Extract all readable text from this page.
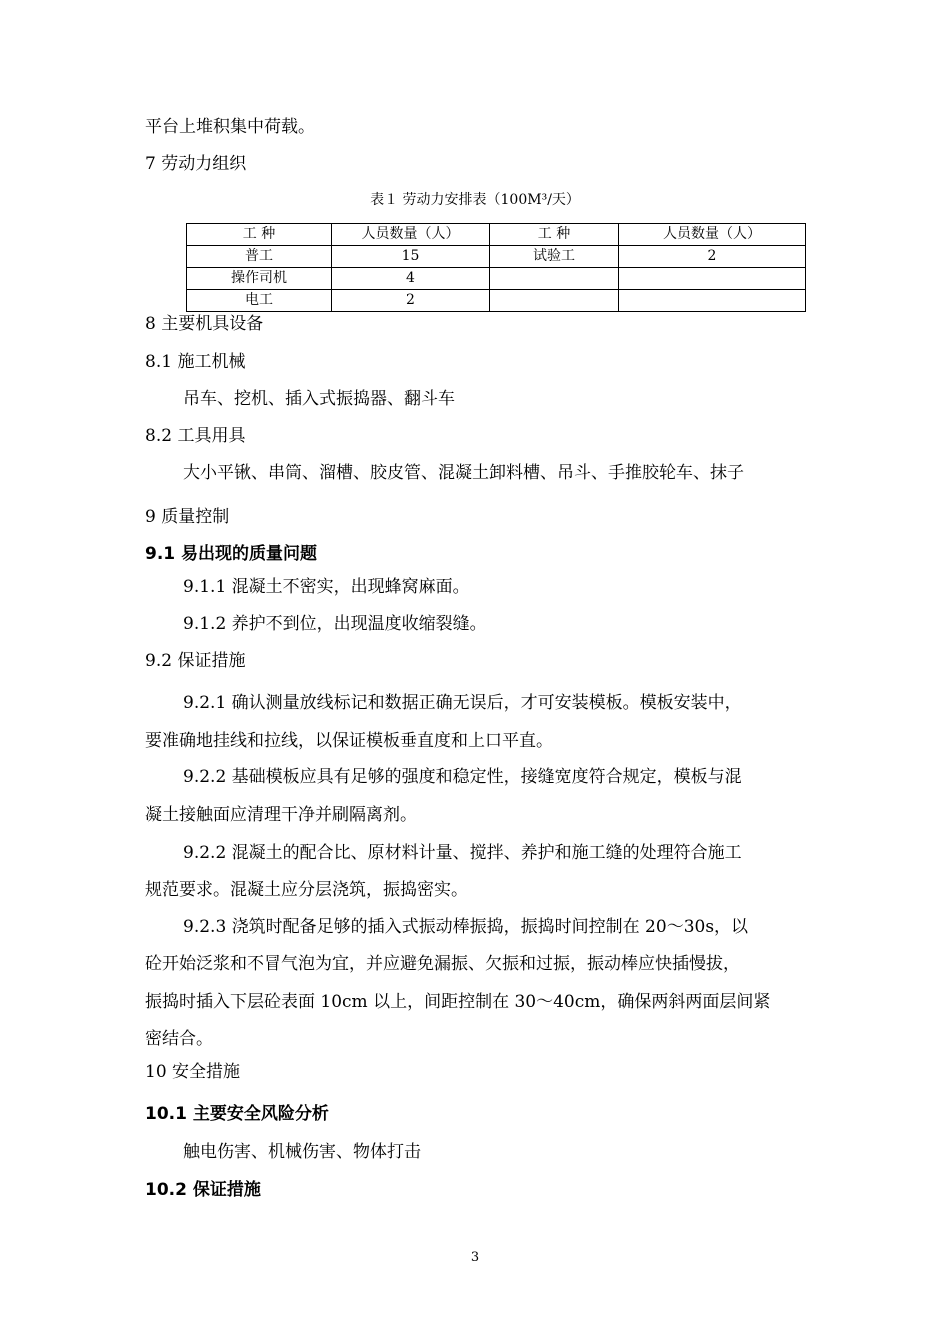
平台上堆积集中荷载。
7 劳动力组织
表１ 劳动力安排表（100M³/天）
工 种	人员数量（人）	工 种	人员数量（人）
普工	15	试验工	2
操作司机	4		
电工	2		
8 主要机具设备
8.1 施工机械
吊车、挖机、插入式振捣器、翻斗车
8.2 工具用具
大小平锹、串筒、溜槽、胶皮管、混凝土卸料槽、吊斗、手推胶轮车、抹子
9 质量控制
9.1 易出现的质量问题
9.1.1 混凝土不密实，出现蜂窝麻面。
9.1.2 养护不到位，出现温度收缩裂缝。
9.2 保证措施
9.2.1 确认测量放线标记和数据正确无误后，才可安装模板。模板安装中，
要准确地挂线和拉线，以保证模板垂直度和上口平直。
9.2.2 基础模板应具有足够的强度和稳定性，接缝宽度符合规定，模板与混
凝土接触面应清理干净并刷隔离剂。
9.2.2 混凝土的配合比、原材料计量、搅拌、养护和施工缝的处理符合施工
规范要求。混凝土应分层浇筑，振捣密实。
9.2.3 浇筑时配备足够的插入式振动棒振捣，振捣时间控制在 20～30s，以
砼开始泛浆和不冒气泡为宜，并应避免漏振、欠振和过振，振动棒应快插慢拔，
振捣时插入下层砼表面 10cm 以上，间距控制在 30～40cm，确保两斜两面层间紧
密结合。
10 安全措施
10.1 主要安全风险分析
触电伤害、机械伤害、物体打击
10.2 保证措施
3
